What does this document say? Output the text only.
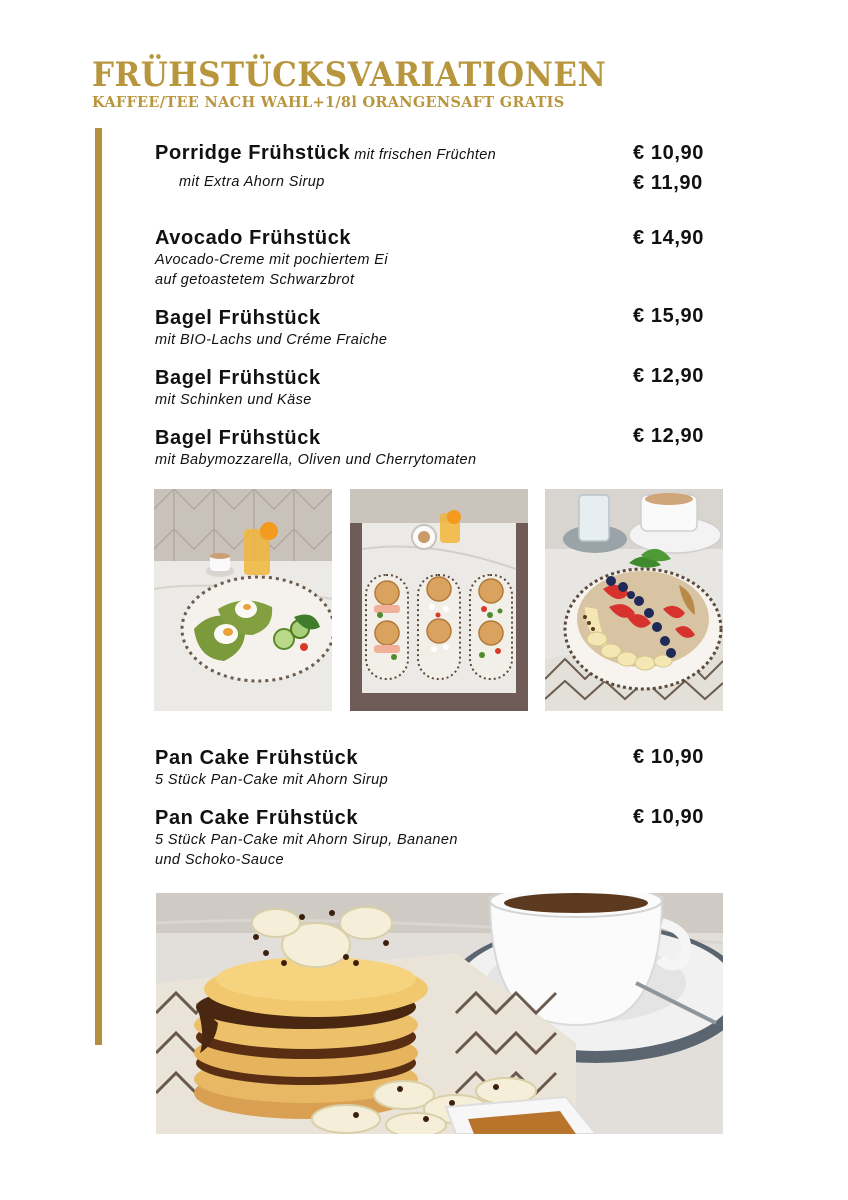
FRÜHSTÜCKSVARIATIONEN
KAFFEE/TEE NACH WAHL+1/8l ORANGENSAFT GRATIS
Porridge Frühstück mit frischen Früchten	€ 10,90
mit Extra Ahorn Sirup	€ 11,90
Avocado Frühstück
Avocado-Creme mit pochiertem Ei
auf getoastetem Schwarzbrot
€ 14,90
Bagel Frühstück
mit BIO-Lachs und Créme Fraiche
€ 15,90
Bagel Frühstück
mit Schinken und Käse
€ 12,90
Bagel Frühstück
mit Babymozzarella, Oliven und Cherrytomaten
€ 12,90
Pan Cake Frühstück
5 Stück Pan-Cake mit Ahorn Sirup
€ 10,90
Pan Cake Frühstück
5 Stück Pan-Cake mit Ahorn Sirup, Bananen
und Schoko-Sauce
€ 10,90
